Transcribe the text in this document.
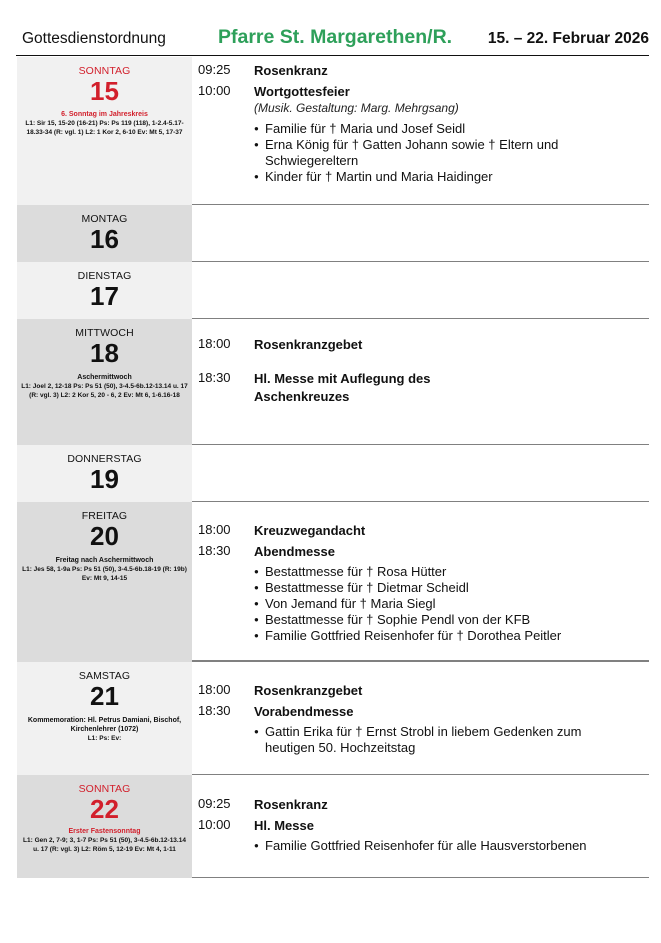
Gottesdienstordnung	Pfarre St. Margarethen/R. 15. – 22. Februar 2026
SONNTAG
15
6. Sonntag im Jahreskreis
L1: Sir 15, 15-20 (16-21) Ps: Ps 119 (118), 1-2.4-5.17-18.33-34 (R: vgl. 1) L2: 1 Kor 2, 6-10 Ev: Mt 5, 17-37
09:25 Rosenkranz
10:00 Wortgottesfeier
(Musik. Gestaltung: Marg. Mehrgsang)
● Familie für † Maria und Josef Seidl
● Erna König für † Gatten Johann sowie † Eltern und Schwiegereltern
● Kinder für † Martin und Maria Haidinger
MONTAG
16
DIENSTAG
17
MITTWOCH
18
Aschermittwoch
L1: Joel 2, 12-18 Ps: Ps 51 (50), 3-4.5-6b.12-13.14 u. 17 (R: vgl. 3) L2: 2 Kor 5, 20 - 6, 2 Ev: Mt 6, 1-6.16-18
18:00 Rosenkranzgebet
18:30 Hl. Messe mit Auflegung des Aschenkreuzes
DONNERSTAG
19
FREITAG
20
Freitag nach Aschermittwoch
L1: Jes 58, 1-9a Ps: Ps 51 (50), 3-4.5-6b.18-19 (R: 19b) Ev: Mt 9, 14-15
18:00 Kreuzwegandacht
18:30 Abendmesse
● Bestattmesse für † Rosa Hütter
● Bestattmesse für † Dietmar Scheidl
● Von Jemand für † Maria Siegl
● Bestattmesse für † Sophie Pendl von der KFB
● Familie Gottfried Reisenhofer für † Dorothea Peitler
SAMSTAG
21
Kommemoration: Hl. Petrus Damiani, Bischof, Kirchenlehrer (1072)
L1: Ps: Ev:
18:00 Rosenkranzgebet
18:30 Vorabendmesse
● Gattin Erika für † Ernst Strobl in liebem Gedenken zum heutigen 50. Hochzeitstag
SONNTAG
22
Erster Fastensonntag
L1: Gen 2, 7-9; 3, 1-7 Ps: Ps 51 (50), 3-4.5-6b.12-13.14 u. 17 (R: vgl. 3) L2: Röm 5, 12-19 Ev: Mt 4, 1-11
09:25 Rosenkranz
10:00 Hl. Messe
● Familie Gottfried Reisenhofer für alle Hausverstorbenen
